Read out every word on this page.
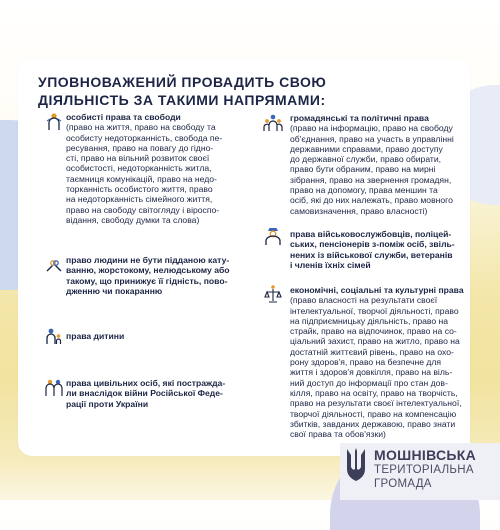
УПОВНОВАЖЕНИЙ ПРОВАДИТЬ СВОЮ
ДІЯЛЬНІСТЬ ЗА ТАКИМИ НАПРЯМАМИ:

особисті права та свободи

(право на життя, право на свободу та

особисту недоторканність, свобода пе-

ресування, право на повагу до гідно-

сті, право на вільний розвиток своєї

особистості, недоторканність житла,

таємниця комунікацій, право на недо-

торканність особистого життя, право

на недоторканність сімейного життя,

право на свободу світогляду і віроспо-

відання, свободу думки та слова)

право людини не бути підданою кату-

ванню, жорстокому, нелюдському або

такому, що принижує її гідність, пово-

дженню чи покаранню

права дитини

права цивільних осіб, які постражда-

ли внаслідок війни Російської Феде-

рації проти України

громадянські та політичні права

(право на інформацію, право на свободу

об'єднання, право на участь в управлінні

державними справами, право доступу

до державної служби, право обирати,

право бути обраним, право на мирні

зібрання, право на звернення громадян,

право на допомогу, права меншин та

осіб, які до них належать, право мовного

самовизначення, право власності)

права військовослужбовців, поліцей-

ських, пенсіонерів з-поміж осіб, звіль-

нених із військової служби, ветеранів

і членів їхніх сімей

економічні, соціальні та культурні права

(право власності на результати своєї

інтелектуальної, творчої діяльності, право

на підприємницьку діяльність, право на

страйк, право на відпочинок, право на со-

ціальний захист, право на житло, право на

достатній життєвий рівень, право на охо-

рону здоров'я, право на безпечне для

життя і здоров'я довкілля, право на віль-

ний доступ до інформації про стан дов-

кілля, право на освіту, право на творчість,

право на результати своєї інтелектуальної,

творчої діяльності, право на компенсацію

збитків, завданих державою, право знати

свої права та обов'язки)

МОШНІВСЬКА
ТЕРИТОРІАЛЬНА
ГРОМАДА
